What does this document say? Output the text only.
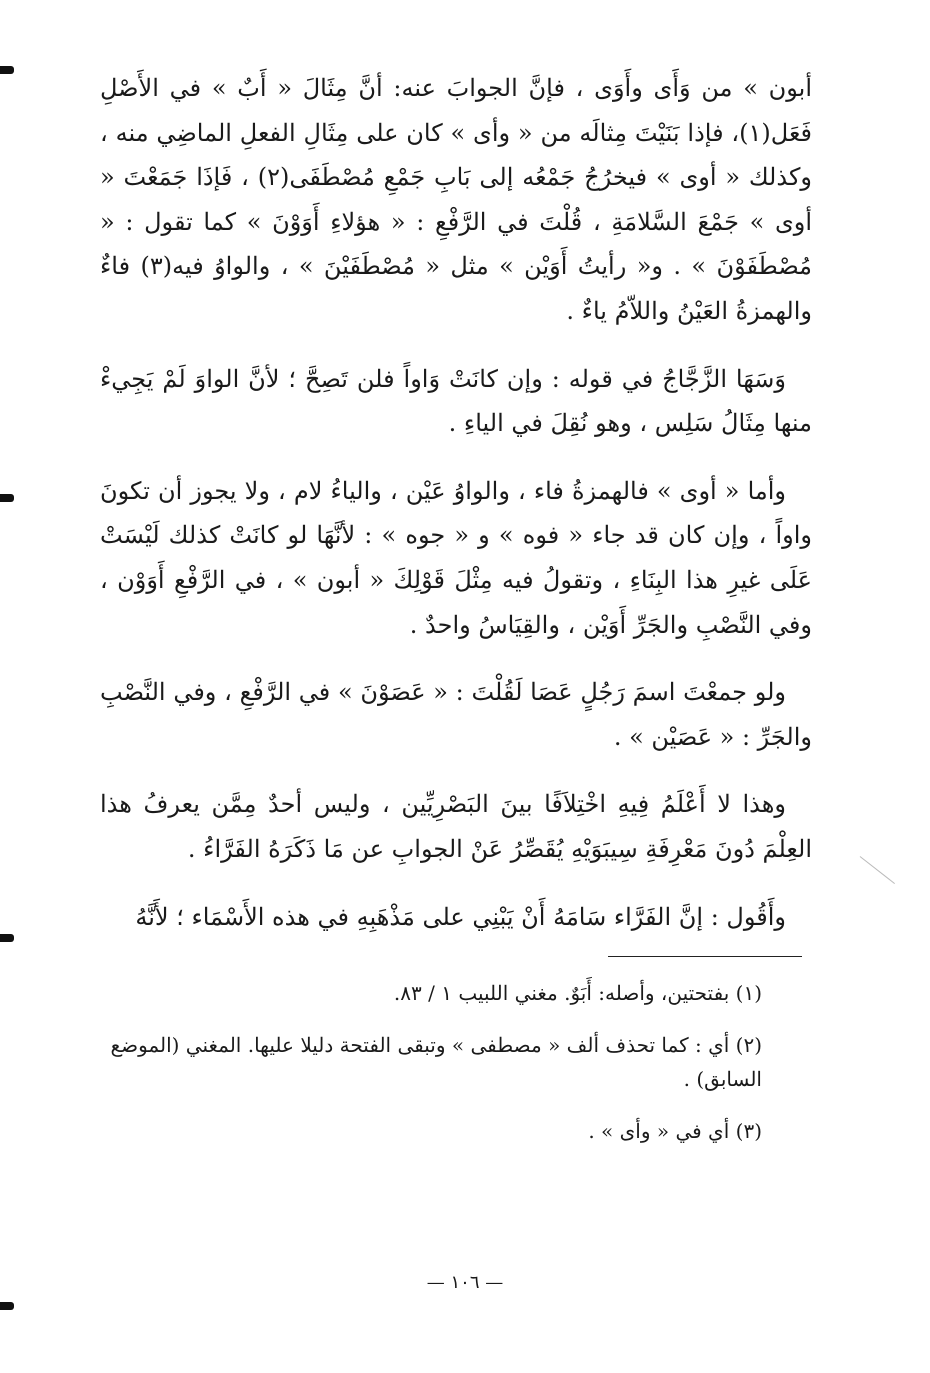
أبون » من وَأَى وأَوَى ، فإنَّ الجوابَ عنه: أنَّ مِثَالَ « أَبٌ » في الأَصْلِ فَعَل(١)، فإذا بَنَيْتَ مِثالَه من « وأى » كان على مِثَالِ الفعلِ الماضِي منه ، وكذلك « أوى » فيخرُجُ جَمْعُه إلى بَابِ جَمْعِ مُصْطَفَى(٢) ، فَإذَا جَمَعْتَ « أوى » جَمْعَ السَّلامَةِ ، قُلْتَ في الرَّفْعِ : « هؤلاءِ أَوَوْنَ » كما تقول : « مُصْطَفَوْنَ » . و« رأيتُ أَوَيْن » مثل « مُصْطَفَيْنَ » ، والواوُ فيه(٣) فاءٌ والهمزةُ العَيْنُ واللاّمُ ياءٌ .

وَسَهَا الزَّجَّاجُ في قوله : وإن كانَتْ وَاواً فلن تَصِحَّ ؛ لأنَّ الواوَ لَمْ يَجِيءْ منها مِثَالُ سَلِس ، وهو نُقِلَ في الياءِ .

وأما « أوى » فالهمزةُ فاء ، والواوُ عَيْن ، والياءُ لام ، ولا يجوز أن تكونَ واواً ، وإن كان قد جاء « فوه » و « جوه » : لأنَّهَا لو كانَتْ كذلك لَيْسَتْ عَلَى غيرِ هذا البِنَاءِ ، وتقولُ فيه مِثْلَ قَوْلِكَ « أبون » ، في الرَّفْعِ أَوَوْن ، وفي النَّصْبِ والجَرِّ أَوَيْن ، والقِيَاسُ واحدٌ .

ولو جمعْتَ اسمَ رَجُلٍ عَصَا لَقُلْتَ : « عَصَوْنَ » في الرَّفْعِ ، وفي النَّصْبِ والجَرِّ : « عَصَيْن » .

وهذا لا أَعْلَمُ فِيهِ اخْتِلاَفًا بينَ البَصْرِيِّين ، وليس أحدٌ مِمَّن يعرفُ هذا العِلْمَ دُونَ مَعْرِفَةِ سِيبَوَيْهِ يُقَصِّرُ عَنْ الجوابِ عن مَا ذَكَرَهُ الفَرَّاءُ .

وأَقُول : إنَّ الفَرَّاء سَامَهُ أَنْ يَبْنِي على مَذْهَبِهِ في هذه الأَسْمَاء ؛ لأَنَّهُ

(١) بفتحتين، وأصله: أَبَوٌ. مغني اللبيب ١ / ٨٣.

(٢) أي : كما تحذف ألف « مصطفى » وتبقى الفتحة دليلا عليها. المغني (الموضع السابق) .

(٣) أي في « وأى » .

— ١٠٦ —
